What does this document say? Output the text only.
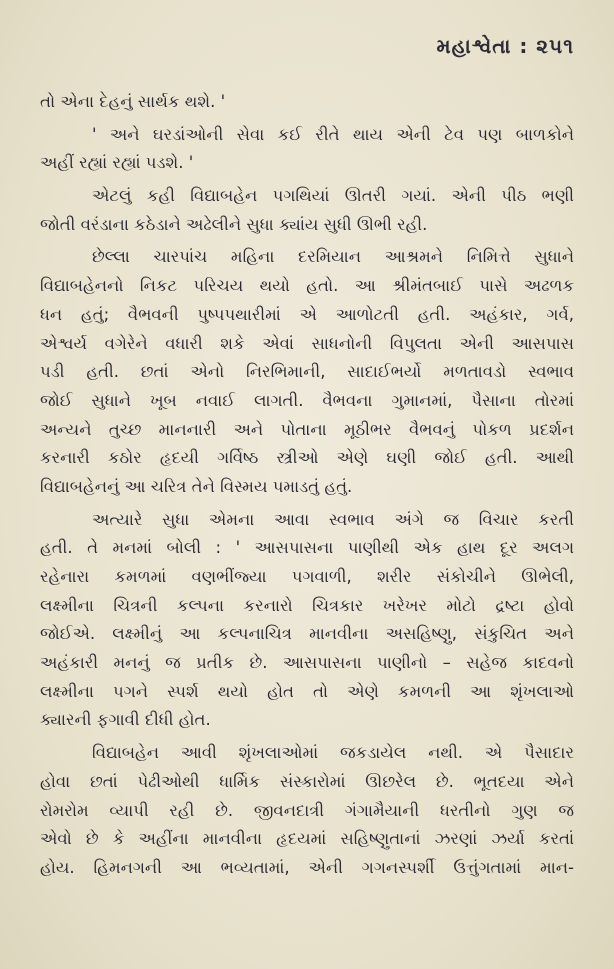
મહાશ્વેતા : ૨૫૧
તો એના દેહનું સાર્થક થશે. '
' અને ઘરડાંઓની સેવા કઈ રીતે થાય એની ટેવ પણ બાળકોને
અહીં રહ્યાં રહ્યાં પડશે. '
એટલું કહી વિદ્યાબહેન પગથિયાં ઊતરી ગયાં. એની પીઠ ભણી
જોતી વરંડાના કઠેડાને અઢેલીને સુધા ક્યાંય સુધી ઊભી રહી.
છેલ્લા ચારપાંચ મહિના દરમિયાન આશ્રમને નિમિત્તે સુધાને
વિદ્યાબહેનનો નિકટ પરિચય થયો હતો. આ શ્રીમંતબાઈ પાસે અઢળક
ધન હતું; વૈભવની પુષ્પપથારીમાં એ આળોટતી હતી. અહંકાર, ગર્વ,
એશ્વર્ય વગેરેને વધારી શકે એવાં સાધનોની વિપુલતા એની આસપાસ
પડી હતી. છતાં એનો નિરભિમાની, સાદાઈભર્યો મળતાવડો સ્વભાવ
જોઈ સુધાને ખૂબ નવાઈ લાગતી. વૈભવના ગુમાનમાં, પૈસાના તોરમાં
અન્યને તુચ્છ માનનારી અને પોતાના મૂઠીભર વૈભવનું પોકળ પ્રદર્શન
કરનારી કઠોર હૃદયી ગર્વિષ્ઠ સ્ત્રીઓ એણે ઘણી જોઈ હતી. આથી
વિદ્યાબહેનનું આ ચરિત્ર તેને વિસ્મય પમાડતું હતું.
અત્યારે સુધા એમના આવા સ્વભાવ અંગે જ વિચાર કરતી
હતી. તે મનમાં બોલી : ' આસપાસના પાણીથી એક હાથ દૂર અલગ
રહેનારા કમળમાં વણભીંજ્યા પગવાળી, શરીર સંકોચીને ઊભેલી,
લક્ષ્મીના ચિત્રની કલ્પના કરનારો ચિત્રકાર ખરેખર મોટો દ્રષ્ટા હોવો
જોઈએ. લક્ષ્મીનું આ કલ્પનાચિત્ર માનવીના અસહિષ્ણુ, સંકુચિત અને
અહંકારી મનનું જ પ્રતીક છે. આસપાસના પાણીનો – સહેજ કાદવનો
લક્ષ્મીના પગને સ્પર્શ થયો હોત તો એણે કમળની આ શૃંખલાઓ
ક્યારની ફગાવી દીધી હોત.
વિદ્યાબહેન આવી શૃંખલાઓમાં જકડાયેલ નથી. એ પૈસાદાર
હોવા છતાં પેઢીઓથી ધાર્મિક સંસ્કારોમાં ઊછરેલ છે. ભૂતદયા એને
રોમરોમ વ્યાપી રહી છે. જીવનદાત્રી ગંગામૈયાની ધરતીનો ગુણ જ
એવો છે કે અહીંના માનવીના હૃદયમાં સહિષ્ણુતાનાં ઝરણાં ઝર્યા કરતાં
હોય. હિમનગની આ ભવ્યતામાં, એની ગગનસ્પર્શી ઉત્તુંગતામાં માન-
